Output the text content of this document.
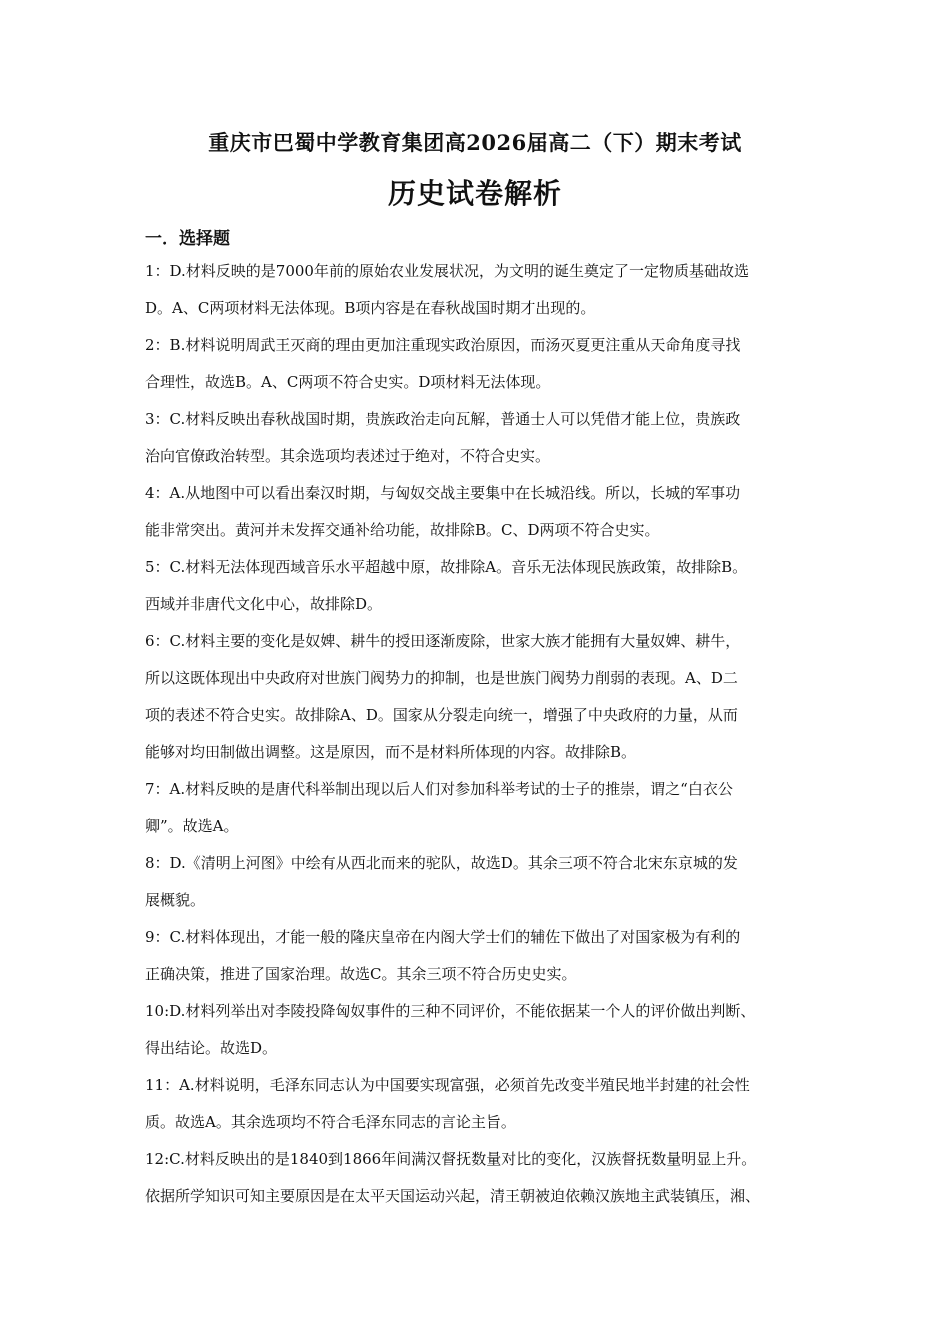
重庆市巴蜀中学教育集团高2026届高二（下）期末考试
历史试卷解析
一．选择题
1：D.材料反映的是7000年前的原始农业发展状况，为文明的诞生奠定了一定物质基础故选
D。A、C两项材料无法体现。B项内容是在春秋战国时期才出现的。
2：B.材料说明周武王灭商的理由更加注重现实政治原因，而汤灭夏更注重从天命角度寻找
合理性，故选B。A、C两项不符合史实。D项材料无法体现。
3：C.材料反映出春秋战国时期，贵族政治走向瓦解，普通士人可以凭借才能上位，贵族政
治向官僚政治转型。其余选项均表述过于绝对，不符合史实。
4：A.从地图中可以看出秦汉时期，与匈奴交战主要集中在长城沿线。所以，长城的军事功
能非常突出。黄河并未发挥交通补给功能，故排除B。C、D两项不符合史实。
5：C.材料无法体现西域音乐水平超越中原，故排除A。音乐无法体现民族政策，故排除B。
西域并非唐代文化中心，故排除D。
6：C.材料主要的变化是奴婢、耕牛的授田逐渐废除，世家大族才能拥有大量奴婢、耕牛，
所以这既体现出中央政府对世族门阀势力的抑制，也是世族门阀势力削弱的表现。A、D二
项的表述不符合史实。故排除A、D。国家从分裂走向统一，增强了中央政府的力量，从而
能够对均田制做出调整。这是原因，而不是材料所体现的内容。故排除B。
7：A.材料反映的是唐代科举制出现以后人们对参加科举考试的士子的推崇，谓之“白衣公
卿”。故选A。
8：D.《清明上河图》中绘有从西北而来的驼队，故选D。其余三项不符合北宋东京城的发
展概貌。
9：C.材料体现出，才能一般的隆庆皇帝在内阁大学士们的辅佐下做出了对国家极为有利的
正确决策，推进了国家治理。故选C。其余三项不符合历史史实。
10:D.材料列举出对李陵投降匈奴事件的三种不同评价，不能依据某一个人的评价做出判断、
得出结论。故选D。
11：A.材料说明，毛泽东同志认为中国要实现富强，必须首先改变半殖民地半封建的社会性
质。故选A。其余选项均不符合毛泽东同志的言论主旨。
12:C.材料反映出的是1840到1866年间满汉督抚数量对比的变化，汉族督抚数量明显上升。
依据所学知识可知主要原因是在太平天国运动兴起，清王朝被迫依赖汉族地主武装镇压，湘、
